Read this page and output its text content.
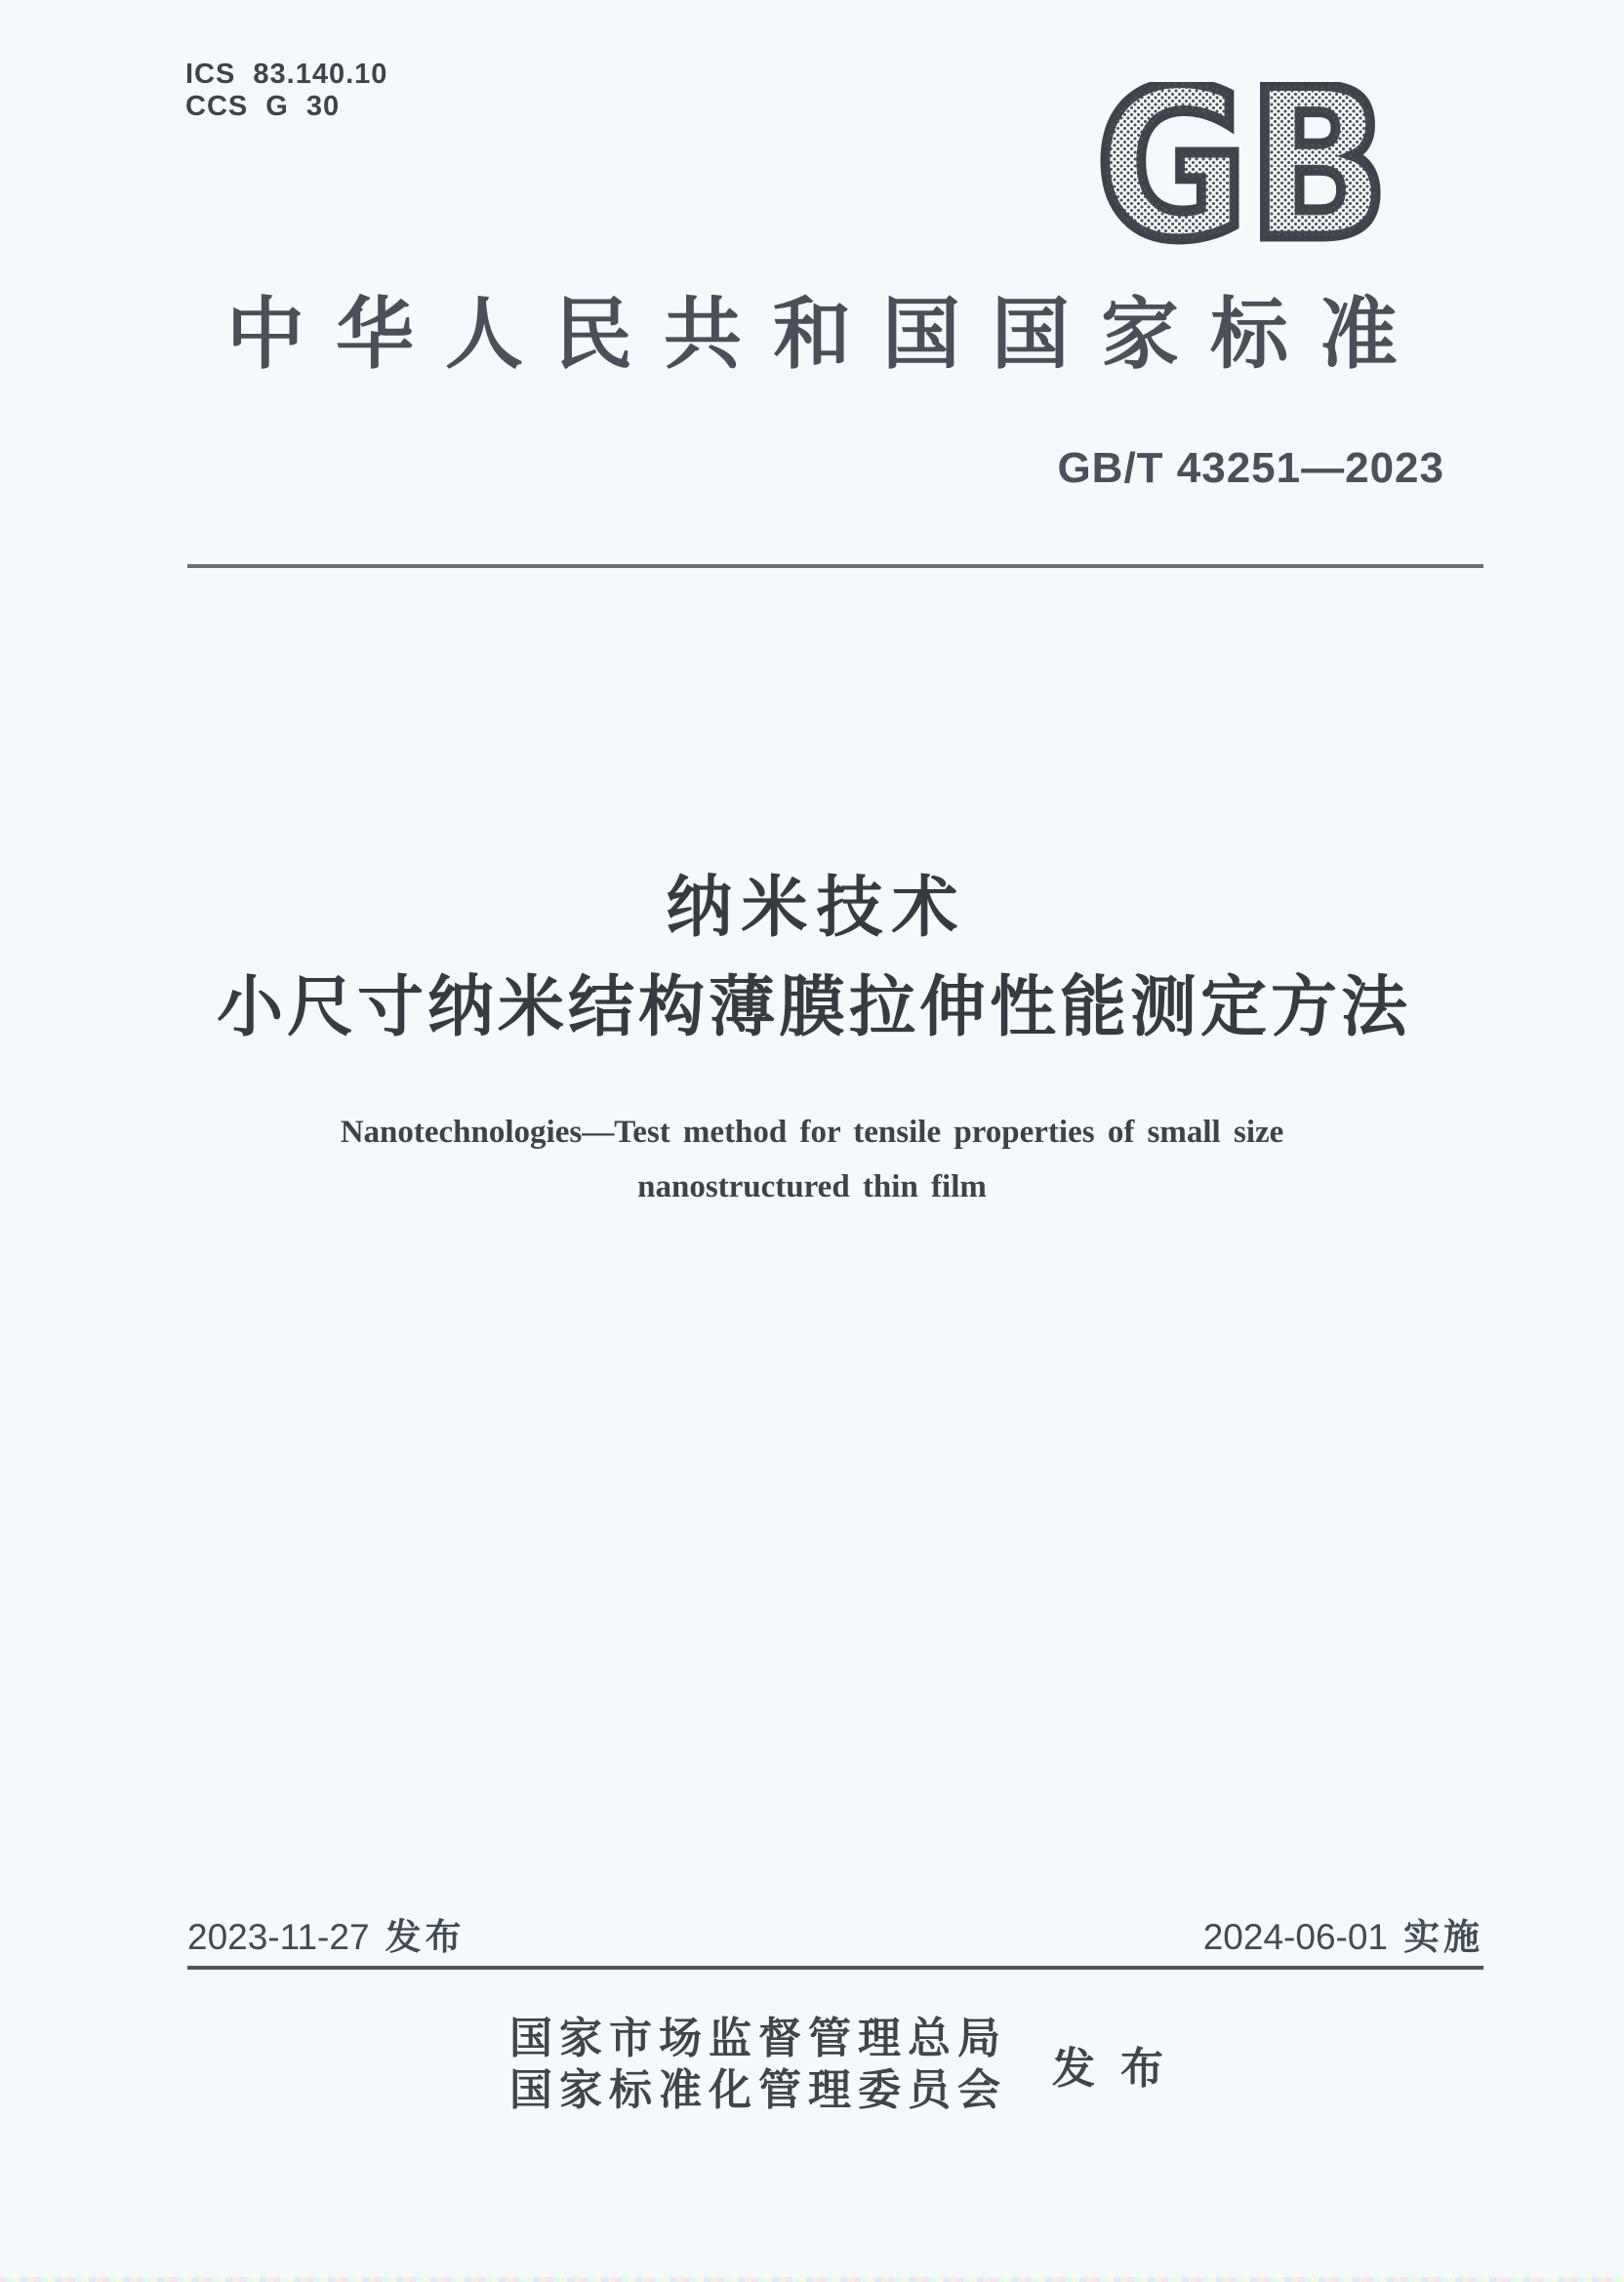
ICS 83.140.10
CCS G 30	GB
中华人民共和国国家标准
GB/T 43251—2023
纳米技术
小尺寸纳米结构薄膜拉伸性能测定方法
Nanotechnologies—Test method for tensile properties of small size
nanostructured thin film
2023-11-27 发布	2024-06-01 实施
国家市场监督管理总局
国家标准化管理委员会 发布
